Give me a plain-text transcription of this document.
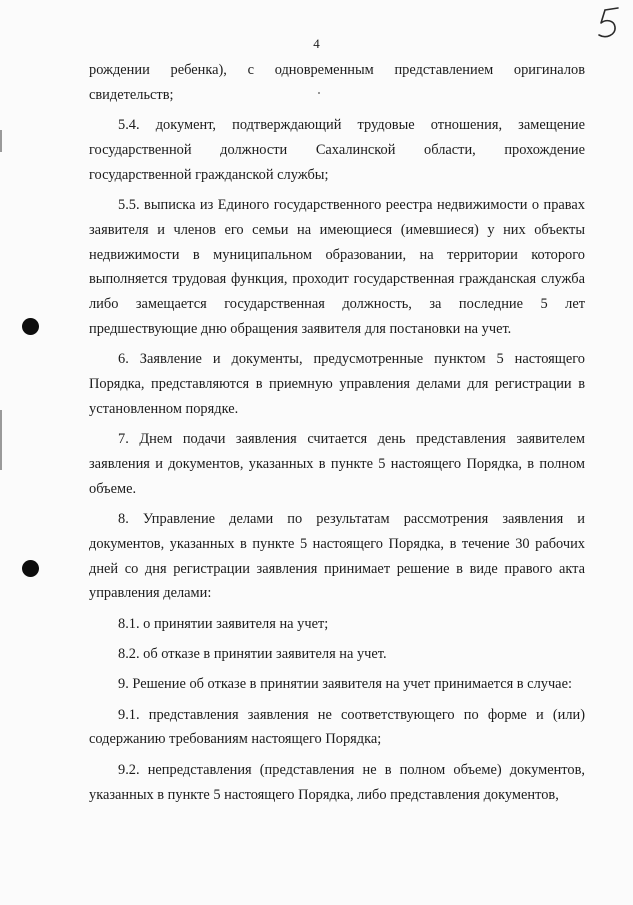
4

рождении ребенка), с одновременным представлением оригиналов свидетельств;

5.4. документ, подтверждающий трудовые отношения, замещение государственной должности Сахалинской области, прохождение государственной гражданской службы;

5.5. выписка из Единого государственного реестра недвижимости о правах заявителя и членов его семьи на имеющиеся (имевшиеся) у них объекты недвижимости в муниципальном образовании, на территории которого выполняется трудовая функция, проходит государственная гражданская служба либо замещается государственная должность, за последние 5 лет предшествующие дню обращения заявителя для постановки на учет.

6. Заявление и документы, предусмотренные пунктом 5 настоящего Порядка, представляются в приемную управления делами для регистрации в установленном порядке.

7. Днем подачи заявления считается день представления заявителем заявления и документов, указанных в пункте 5 настоящего Порядка, в полном объеме.

8. Управление делами по результатам рассмотрения заявления и документов, указанных в пункте 5 настоящего Порядка, в течение 30 рабочих дней со дня регистрации заявления принимает решение в виде правого акта управления делами:

8.1. о принятии заявителя на учет;

8.2. об отказе в принятии заявителя на учет.

9. Решение об отказе в принятии заявителя на учет принимается в случае:

9.1. представления заявления не соответствующего по форме и (или) содержанию требованиям настоящего Порядка;

9.2. непредставления (представления не в полном объеме) документов, указанных в пункте 5 настоящего Порядка, либо представления документов,
